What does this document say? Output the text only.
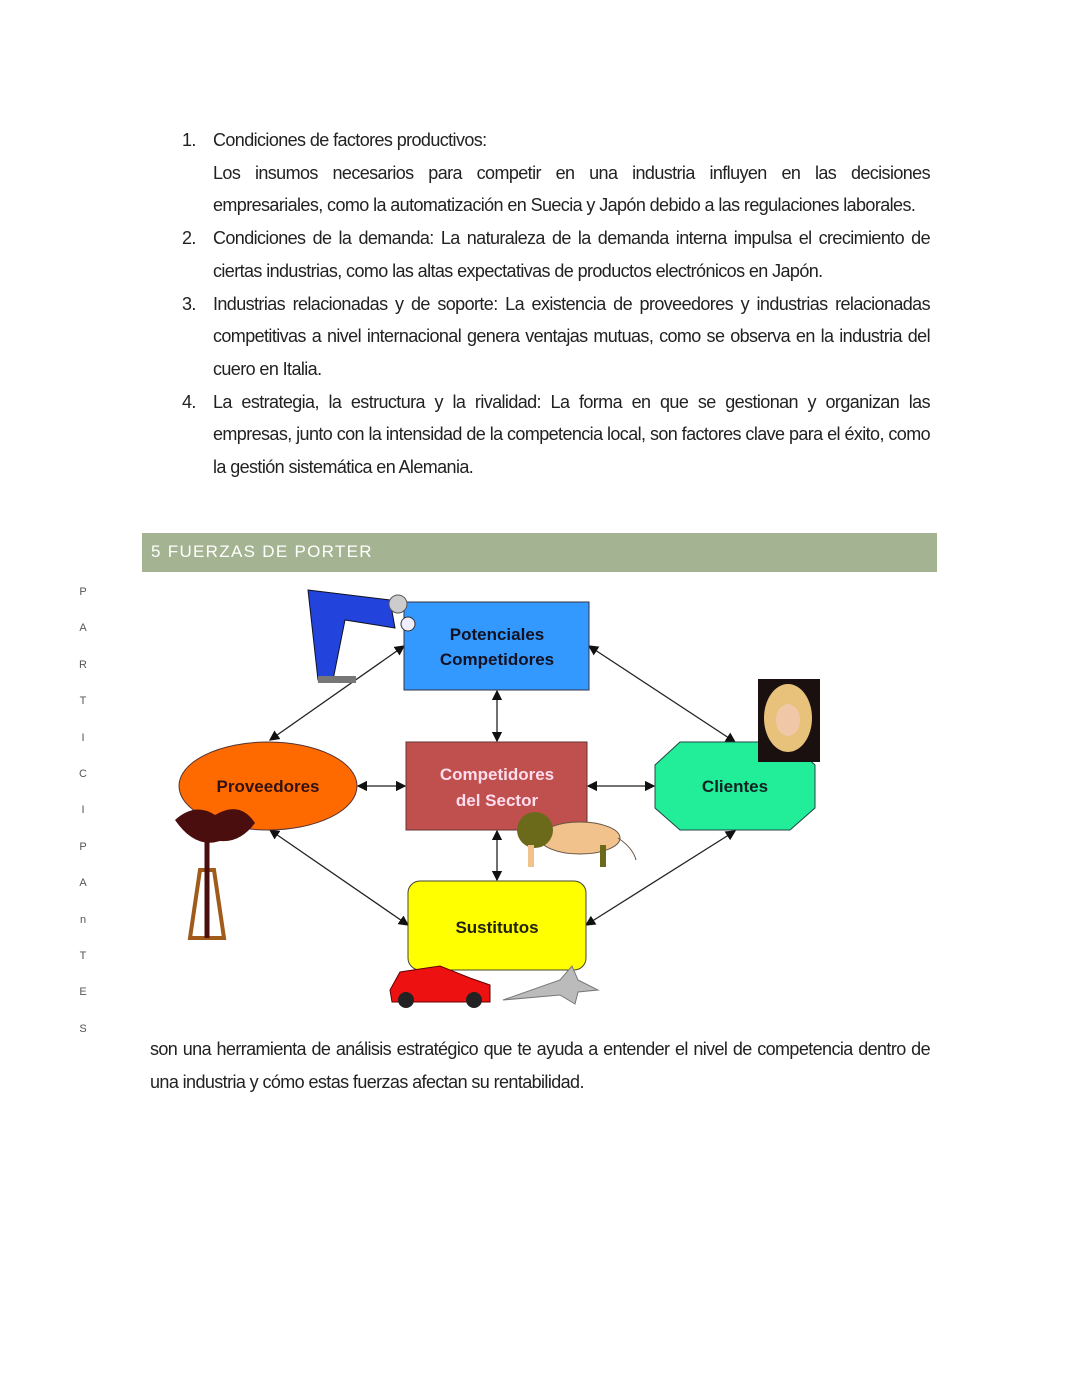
1. Condiciones de factores productivos:
Los insumos necesarios para competir en una industria influyen en las decisiones empresariales, como la automatización en Suecia y Japón debido a las regulaciones laborales.
2. Condiciones de la demanda: La naturaleza de la demanda interna impulsa el crecimiento de ciertas industrias, como las altas expectativas de productos electrónicos en Japón.
3. Industrias relacionadas y de soporte: La existencia de proveedores y industrias relacionadas competitivas a nivel internacional genera ventajas mutuas, como se observa en la industria del cuero en Italia.
4. La estrategia, la estructura y la rivalidad: La forma en que se gestionan y organizan las empresas, junto con la intensidad de la competencia local, son factores clave para el éxito, como la gestión sistemática en Alemania.
5 FUERZAS DE PORTER
P
A
R
T
I
C
I
P
A
n
T
E
S
Potenciales
Competidores
Competidores
del Sector
Proveedores	Clientes
Sustitutos
son una herramienta de análisis estratégico que te ayuda a entender el nivel de competencia dentro de una industria y cómo estas fuerzas afectan su rentabilidad.
